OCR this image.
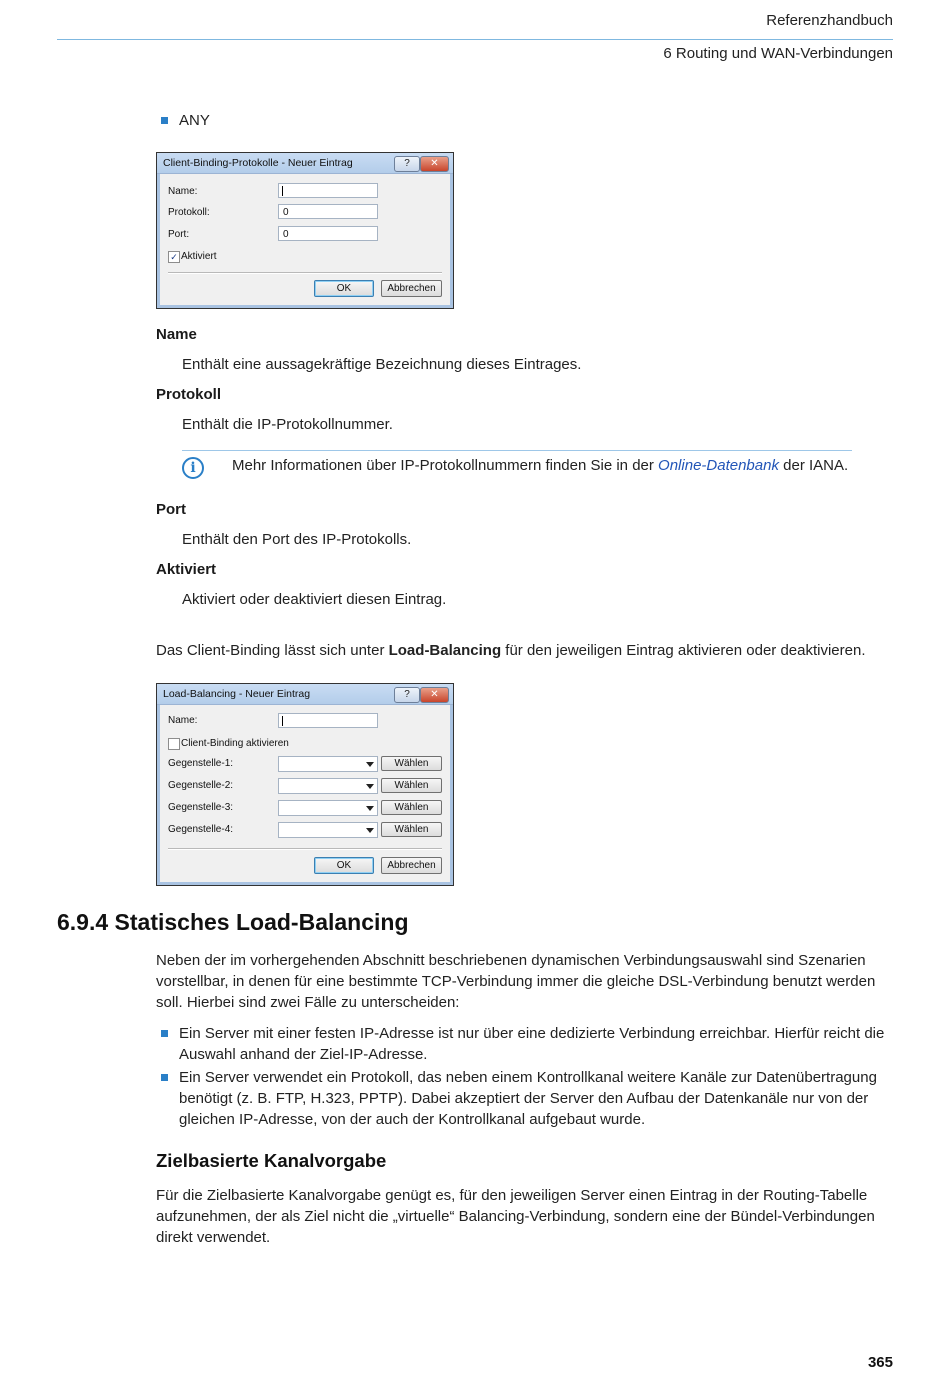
Referenzhandbuch
6 Routing und WAN-Verbindungen
ANY
Client-Binding-Protokolle - Neuer Eintrag	?	✕
Name:
Protokoll:	0
Port:	0
✓ Aktiviert
OK	Abbrechen
Name
Enthält eine aussagekräftige Bezeichnung dieses Eintrages.
Protokoll
Enthält die IP-Protokollnummer.
i	Mehr Informationen über IP-Protokollnummern finden Sie in der Online-Datenbank der IANA.
Port
Enthält den Port des IP-Protokolls.
Aktiviert
Aktiviert oder deaktiviert diesen Eintrag.
Das Client-Binding lässt sich unter Load-Balancing für den jeweiligen Eintrag aktivieren oder deaktivieren.
Load-Balancing - Neuer Eintrag	?	✕
Name:
Client-Binding aktivieren
Gegenstelle-1:	Wählen
Gegenstelle-2:	Wählen
Gegenstelle-3:	Wählen
Gegenstelle-4:	Wählen
OK	Abbrechen
6.9.4 Statisches Load-Balancing
Neben der im vorhergehenden Abschnitt beschriebenen dynamischen Verbindungsauswahl sind Szenarien vorstellbar, in denen für eine bestimmte TCP-Verbindung immer die gleiche DSL-Verbindung benutzt werden soll. Hierbei sind zwei Fälle zu unterscheiden:
Ein Server mit einer festen IP-Adresse ist nur über eine dedizierte Verbindung erreichbar. Hierfür reicht die Auswahl anhand der Ziel-IP-Adresse.
Ein Server verwendet ein Protokoll, das neben einem Kontrollkanal weitere Kanäle zur Datenübertragung benötigt (z. B. FTP, H.323, PPTP). Dabei akzeptiert der Server den Aufbau der Datenkanäle nur von der gleichen IP-Adresse, von der auch der Kontrollkanal aufgebaut wurde.
Zielbasierte Kanalvorgabe
Für die Zielbasierte Kanalvorgabe genügt es, für den jeweiligen Server einen Eintrag in der Routing-Tabelle aufzunehmen, der als Ziel nicht die „virtuelle“ Balancing-Verbindung, sondern eine der Bündel-Verbindungen direkt verwendet.
365
